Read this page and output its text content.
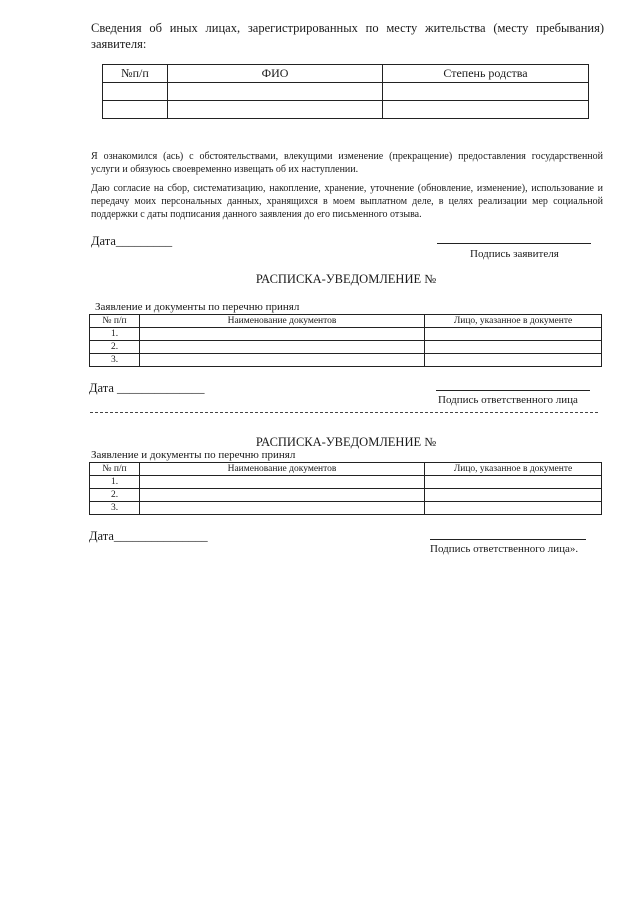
Сведения об иных лицах, зарегистрированных по месту жительства (месту пребывания) заявителя:
№п/п	ФИО	Степень родства

Я ознакомился (ась) с обстоятельствами, влекущими изменение (прекращение) предоставления государственной услуги и обязуюсь своевременно извещать об их наступлении.
Даю согласие на сбор, систематизацию, накопление, хранение, уточнение (обновление, изменение), использование и передачу моих персональных данных, хранящихся в моем выплатном деле, в целях реализации мер социальной поддержки с даты подписания данного заявления до его письменного отзыва.
Дата_________
Подпись заявителя
РАСПИСКА-УВЕДОМЛЕНИЕ №
Заявление и документы по перечню принял
№ п/п	Наименование документов	Лицо, указанное в документе
1.		
2.		
3.		
Дата ______________
Подпись ответственного лица
РАСПИСКА-УВЕДОМЛЕНИЕ №
Заявление и документы по перечню принял
№ п/п	Наименование документов	Лицо, указанное в документе
1.		
2.		
3.		
Дата_______________
Подпись ответственного лица».
